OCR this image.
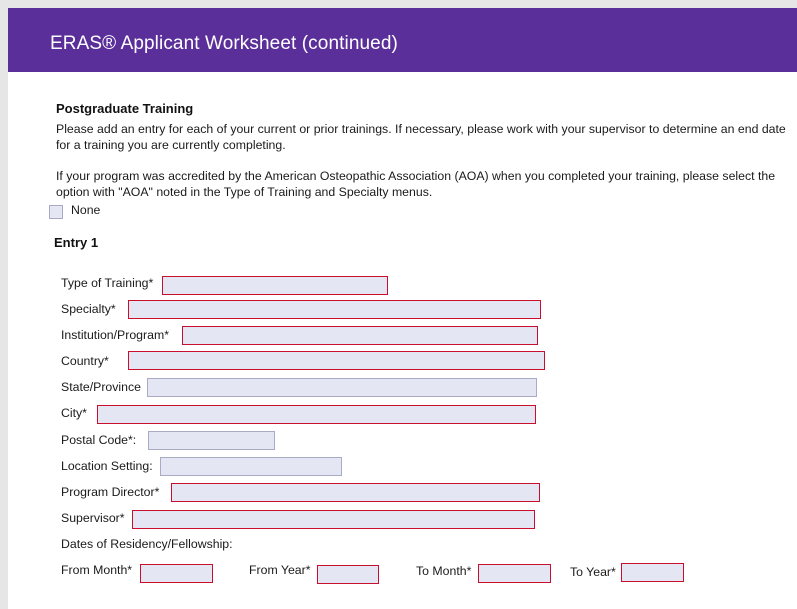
ERAS® Applicant Worksheet (continued)
Postgraduate Training
Please add an entry for each of your current or prior trainings. If necessary, please work with your supervisor to determine an end date
for a training you are currently completing.
If your program was accredited by the American Osteopathic Association (AOA) when you completed your training, please select the
option with "AOA" noted in the Type of Training and Specialty menus.
None
Entry 1
Type of Training*
Specialty*
Institution/Program*
Country*
State/Province
City*
Postal Code*:
Location Setting:
Program Director*
Supervisor*
Dates of Residency/Fellowship:
From Month*	From Year*	To Month*	To Year*
